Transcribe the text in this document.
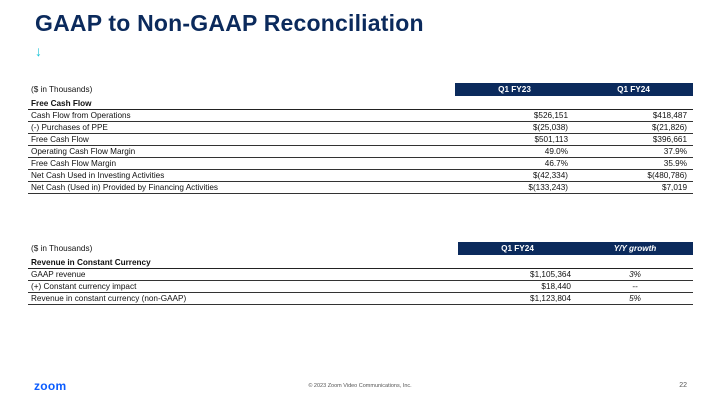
GAAP to Non-GAAP Reconciliation
↓
($ in Thousands)	Q1 FY23	Q1 FY24
Free Cash Flow		
Cash Flow from Operations	$526,151	$418,487
(-) Purchases of PPE	$(25,038)	$(21,826)
Free Cash Flow	$501,113	$396,661
Operating Cash Flow Margin	49.0%	37.9%
Free Cash Flow Margin	46.7%	35.9%
Net Cash Used in Investing Activities	$(42,334)	$(480,786)
Net Cash (Used in) Provided by Financing Activities	$(133,243)	$7,019
($ in Thousands)	Q1 FY24	Y/Y growth
Revenue in Constant Currency		
GAAP revenue	$1,105,364	3%
(+) Constant currency impact	$18,440	--
Revenue in constant currency (non-GAAP)	$1,123,804	5%
zoom	© 2023 Zoom Video Communications, Inc.	22
